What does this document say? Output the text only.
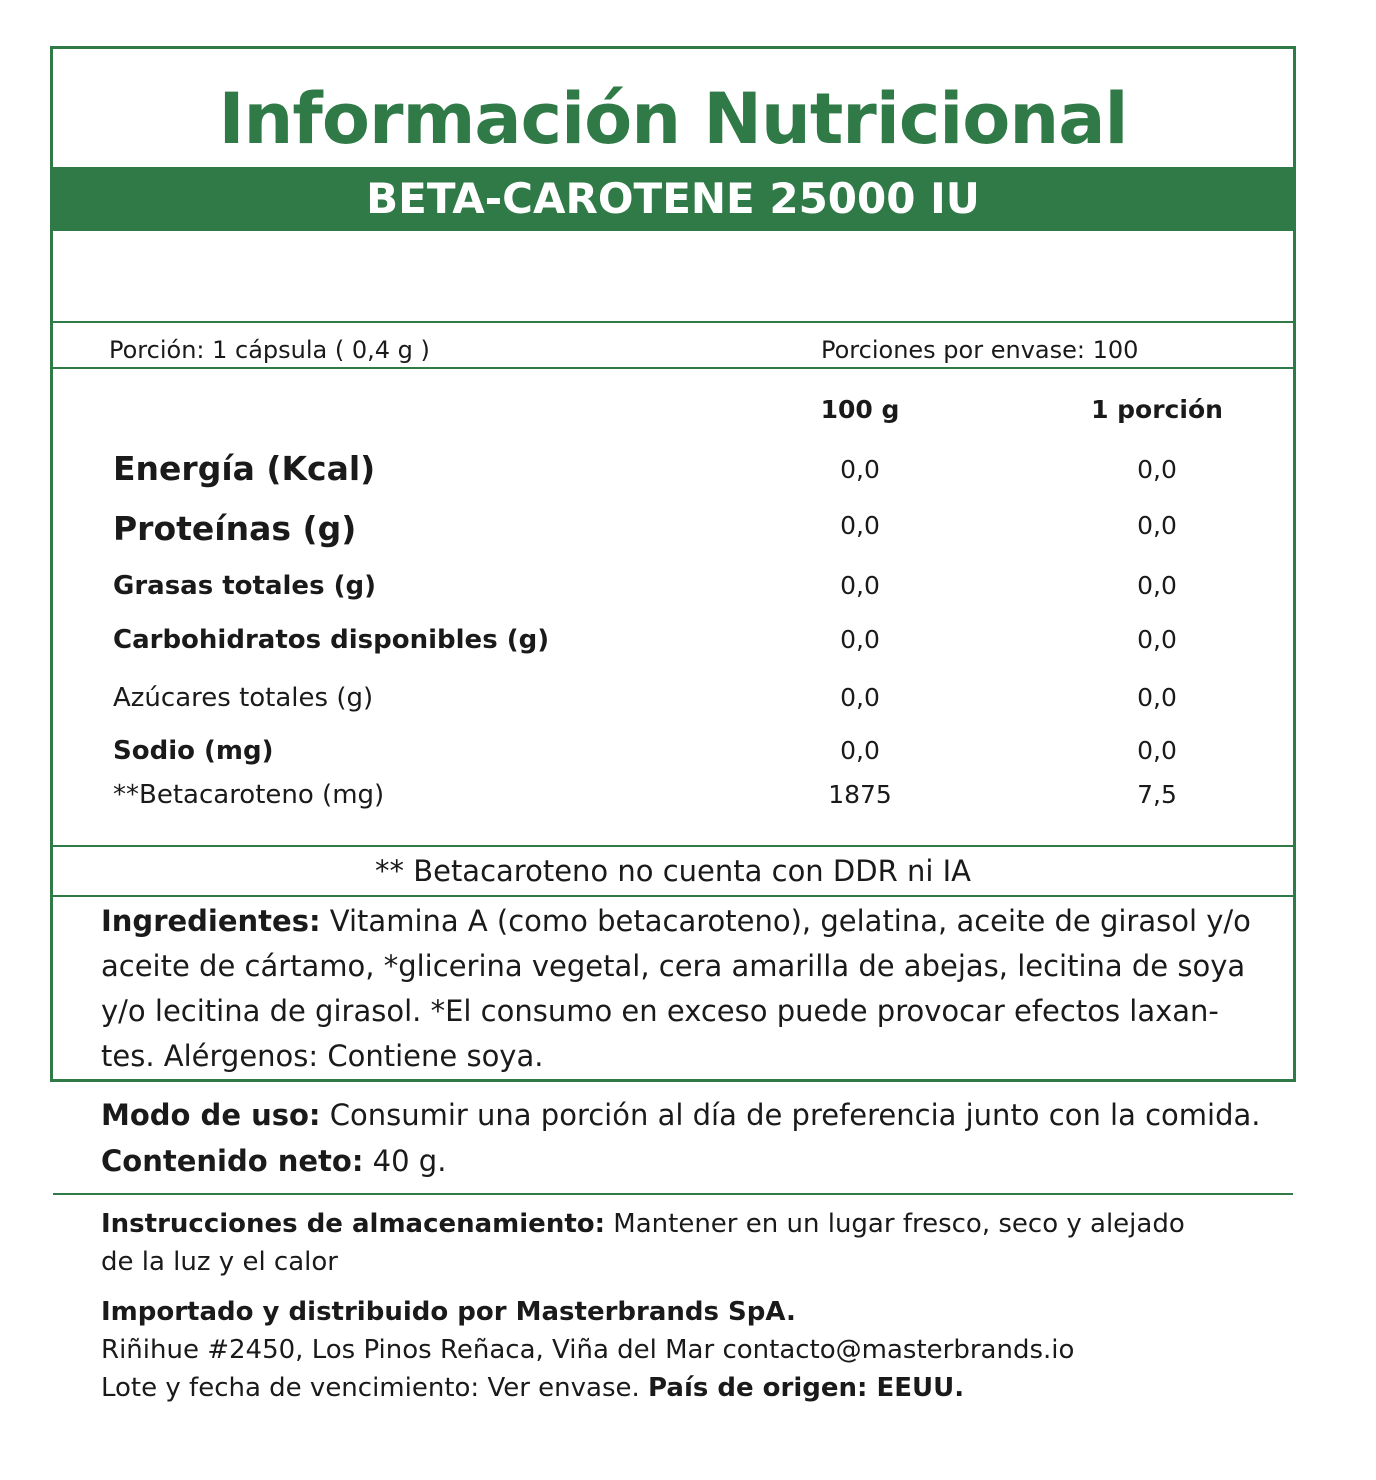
Información Nutricional
BETA-CAROTENE 25000 IU
Porción: 1 cápsula ( 0,4 g )	Porciones por envase: 100
100 g	1 porción
Energía (Kcal)	0,0	0,0
Proteínas (g)	0,0	0,0
Grasas totales (g)	0,0	0,0
Carbohidratos disponibles (g)	0,0	0,0
Azúcares totales (g)	0,0	0,0
Sodio (mg)	0,0	0,0
**Betacaroteno (mg)	1875	7,5
** Betacaroteno no cuenta con DDR ni IA
Ingredientes: Vitamina A (como betacaroteno), gelatina, aceite de girasol y/o
aceite de cártamo, *glicerina vegetal, cera amarilla de abejas, lecitina de soya
y/o lecitina de girasol. *El consumo en exceso puede provocar efectos laxan-
tes. Alérgenos: Contiene soya.
Modo de uso: Consumir una porción al día de preferencia junto con la comida.
Contenido neto: 40 g.
Instrucciones de almacenamiento: Mantener en un lugar fresco, seco y alejado
de la luz y el calor
Importado y distribuido por Masterbrands SpA.
Riñihue #2450, Los Pinos Reñaca, Viña del Mar contacto@masterbrands.io
Lote y fecha de vencimiento: Ver envase. País de origen: EEUU.
